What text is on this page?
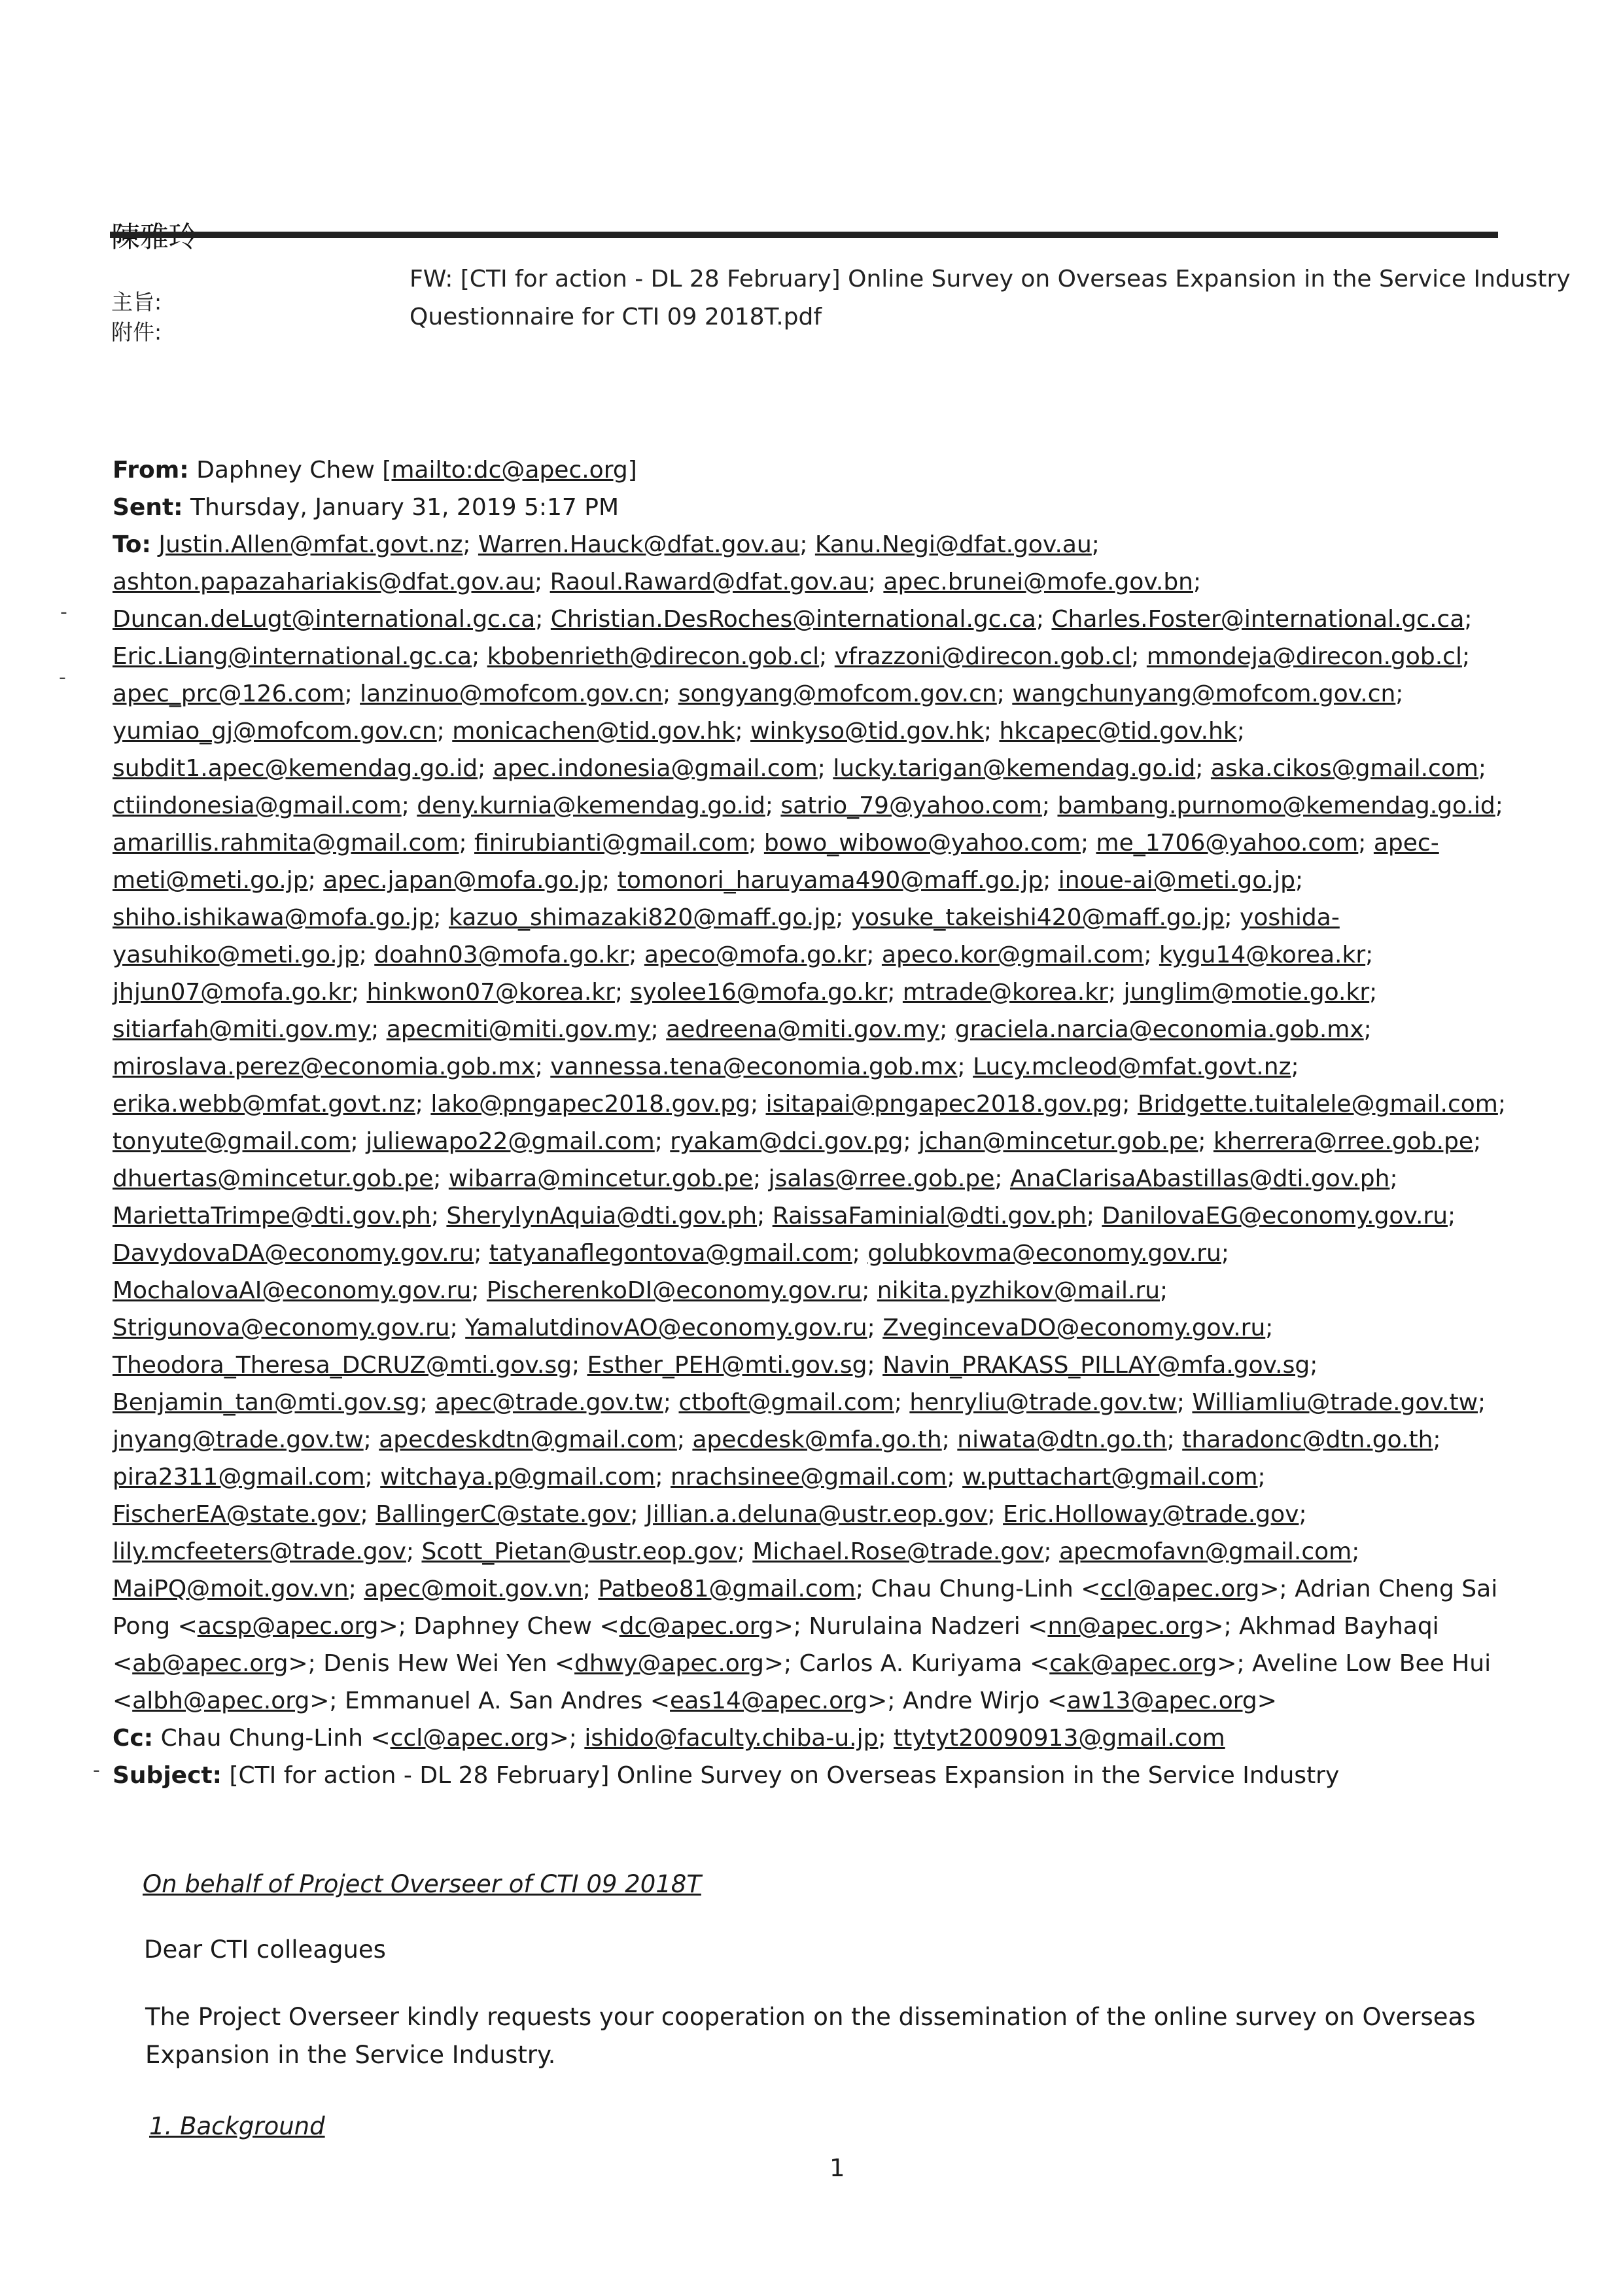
主旨:
FW: [CTI for action - DL 28 February] Online Survey on Overseas Expansion in the Service Industry
附件:
Questionnaire for CTI 09 2018T.pdf
From: Daphney Chew [mailto:dc@apec.org]
Sent: Thursday, January 31, 2019 5:17 PM
To: Justin.Allen@mfat.govt.nz; Warren.Hauck@dfat.gov.au; Kanu.Negi@dfat.gov.au; ashton.papazahariakis@dfat.gov.au; Raoul.Raward@dfat.gov.au; apec.brunei@mofe.gov.bn; Duncan.deLugt@international.gc.ca; Christian.DesRoches@international.gc.ca; Charles.Foster@international.gc.ca; Eric.Liang@international.gc.ca; kbobenrieth@direcon.gob.cl; vfrazzoni@direcon.gob.cl; mmondeja@direcon.gob.cl; apec_prc@126.com; lanzinuo@mofcom.gov.cn; songyang@mofcom.gov.cn; wangchunyang@mofcom.gov.cn; yumiao_gj@mofcom.gov.cn; monicachen@tid.gov.hk; winkyso@tid.gov.hk; hkcapec@tid.gov.hk; subdit1.apec@kemendag.go.id; apec.indonesia@gmail.com; lucky.tarigan@kemendag.go.id; aska.cikos@gmail.com; ctiindonesia@gmail.com; deny.kurnia@kemendag.go.id; satrio_79@yahoo.com; bambang.purnomo@kemendag.go.id; amarillis.rahmita@gmail.com; finirubianti@gmail.com; bowo_wibowo@yahoo.com; me_1706@yahoo.com; apec-meti@meti.go.jp; apec.japan@mofa.go.jp; tomonori_haruyama490@maff.go.jp; inoue-ai@meti.go.jp; shiho.ishikawa@mofa.go.jp; kazuo_shimazaki820@maff.go.jp; yosuke_takeishi420@maff.go.jp; yoshida-yasuhiko@meti.go.jp; doahn03@mofa.go.kr; apeco@mofa.go.kr; apeco.kor@gmail.com; kygu14@korea.kr; jhjun07@mofa.go.kr; hinkwon07@korea.kr; syolee16@mofa.go.kr; mtrade@korea.kr; junglim@motie.go.kr; sitiarfah@miti.gov.my; apecmiti@miti.gov.my; aedreena@miti.gov.my; graciela.narcia@economia.gob.mx; miroslava.perez@economia.gob.mx; vannessa.tena@economia.gob.mx; Lucy.mcleod@mfat.govt.nz; erika.webb@mfat.govt.nz; lako@pngapec2018.gov.pg; isitapai@pngapec2018.gov.pg; Bridgette.tuitalele@gmail.com; tonyute@gmail.com; juliewapo22@gmail.com; ryakam@dci.gov.pg; jchan@mincetur.gob.pe; kherrera@rree.gob.pe; dhuertas@mincetur.gob.pe; wibarra@mincetur.gob.pe; jsalas@rree.gob.pe; AnaClarisaAbastillas@dti.gov.ph; MariettaTrimpe@dti.gov.ph; SherylynAquia@dti.gov.ph; RaissaFaminial@dti.gov.ph; DanilovaEG@economy.gov.ru; DavydovaDA@economy.gov.ru; tatyanaflegontova@gmail.com; golubkovma@economy.gov.ru; MochalovaAI@economy.gov.ru; PischerenkoDI@economy.gov.ru; nikita.pyzhikov@mail.ru; Strigunova@economy.gov.ru; YamalutdinovAO@economy.gov.ru; ZvegincevaDO@economy.gov.ru; Theodora_Theresa_DCRUZ@mti.gov.sg; Esther_PEH@mti.gov.sg; Navin_PRAKASS_PILLAY@mfa.gov.sg; Benjamin_tan@mti.gov.sg; apec@trade.gov.tw; ctboft@gmail.com; henryliu@trade.gov.tw; Williamliu@trade.gov.tw; jnyang@trade.gov.tw; apecdeskdtn@gmail.com; apecdesk@mfa.go.th; niwata@dtn.go.th; tharadonc@dtn.go.th; pira2311@gmail.com; witchaya.p@gmail.com; nrachsinee@gmail.com; w.puttachart@gmail.com; FischerEA@state.gov; BallingerC@state.gov; Jillian.a.deluna@ustr.eop.gov; Eric.Holloway@trade.gov; lily.mcfeeters@trade.gov; Scott_Pietan@ustr.eop.gov; Michael.Rose@trade.gov; apecmofavn@gmail.com; MaiPQ@moit.gov.vn; apec@moit.gov.vn; Patbeo81@gmail.com; Chau Chung-Linh <ccl@apec.org>; Adrian Cheng Sai Pong <acsp@apec.org>; Daphney Chew <dc@apec.org>; Nurulaina Nadzeri <nn@apec.org>; Akhmad Bayhaqi <ab@apec.org>; Denis Hew Wei Yen <dhwy@apec.org>; Carlos A. Kuriyama <cak@apec.org>; Aveline Low Bee Hui <albh@apec.org>; Emmanuel A. San Andres <eas14@apec.org>; Andre Wirjo <aw13@apec.org>
Cc: Chau Chung-Linh <ccl@apec.org>; ishido@faculty.chiba-u.jp; ttytyt20090913@gmail.com
Subject: [CTI for action - DL 28 February] Online Survey on Overseas Expansion in the Service Industry
On behalf of Project Overseer of CTI 09 2018T
Dear CTI colleagues
The Project Overseer kindly requests your cooperation on the dissemination of the online survey on Overseas Expansion in the Service Industry.
1. Background
1
-
-
-
